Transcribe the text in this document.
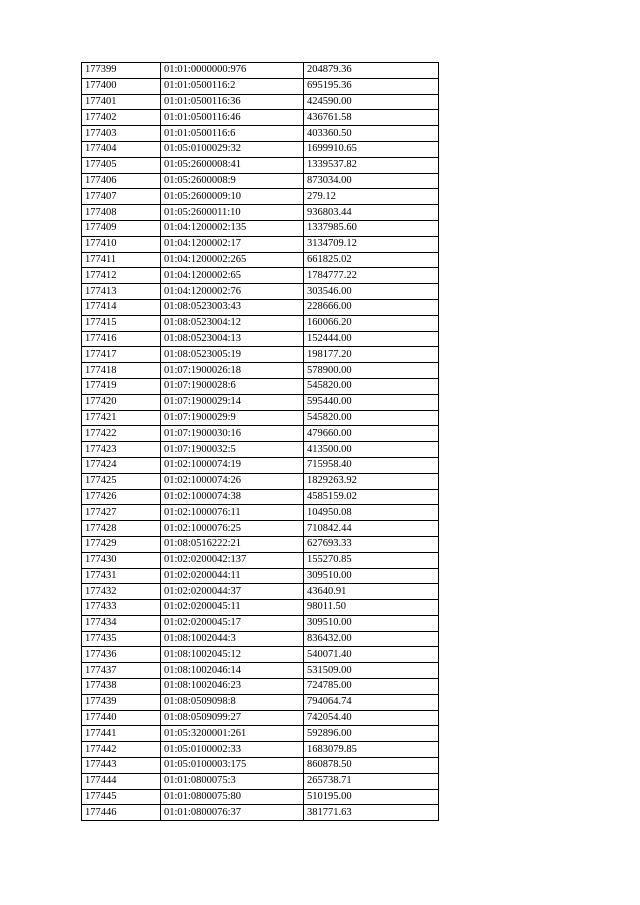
177399	01:01:0000000:976	204879.36
177400	01:01:0500116:2	695195.36
177401	01:01:0500116:36	424590.00
177402	01:01:0500116:46	436761.58
177403	01:01:0500116:6	403360.50
177404	01:05:0100029:32	1699910.65
177405	01:05:2600008:41	1339537.82
177406	01:05:2600008:9	873034.00
177407	01:05:2600009:10	279.12
177408	01:05:2600011:10	936803.44
177409	01:04:1200002:135	1337985.60
177410	01:04:1200002:17	3134709.12
177411	01:04:1200002:265	661825.02
177412	01:04:1200002:65	1784777.22
177413	01:04:1200002:76	303546.00
177414	01:08:0523003:43	228666.00
177415	01:08:0523004:12	160066.20
177416	01:08:0523004:13	152444.00
177417	01:08:0523005:19	198177.20
177418	01:07:1900026:18	578900.00
177419	01:07:1900028:6	545820.00
177420	01:07:1900029:14	595440.00
177421	01:07:1900029:9	545820.00
177422	01:07:1900030:16	479660.00
177423	01:07:1900032:5	413500.00
177424	01:02:1000074:19	715958.40
177425	01:02:1000074:26	1829263.92
177426	01:02:1000074:38	4585159.02
177427	01:02:1000076:11	104950.08
177428	01:02:1000076:25	710842.44
177429	01:08:0516222:21	627693.33
177430	01:02:0200042:137	155270.85
177431	01:02:0200044:11	309510.00
177432	01:02:0200044:37	43640.91
177433	01:02:0200045:11	98011.50
177434	01:02:0200045:17	309510.00
177435	01:08:1002044:3	836432.00
177436	01:08:1002045:12	540071.40
177437	01:08:1002046:14	531509.00
177438	01:08:1002046:23	724785.00
177439	01:08:0509098:8	794064.74
177440	01:08:0509099:27	742054.40
177441	01:05:3200001:261	592896.00
177442	01:05:0100002:33	1683079.85
177443	01:05:0100003:175	860878.50
177444	01:01:0800075:3	265738.71
177445	01:01:0800075:80	510195.00
177446	01:01:0800076:37	381771.63
